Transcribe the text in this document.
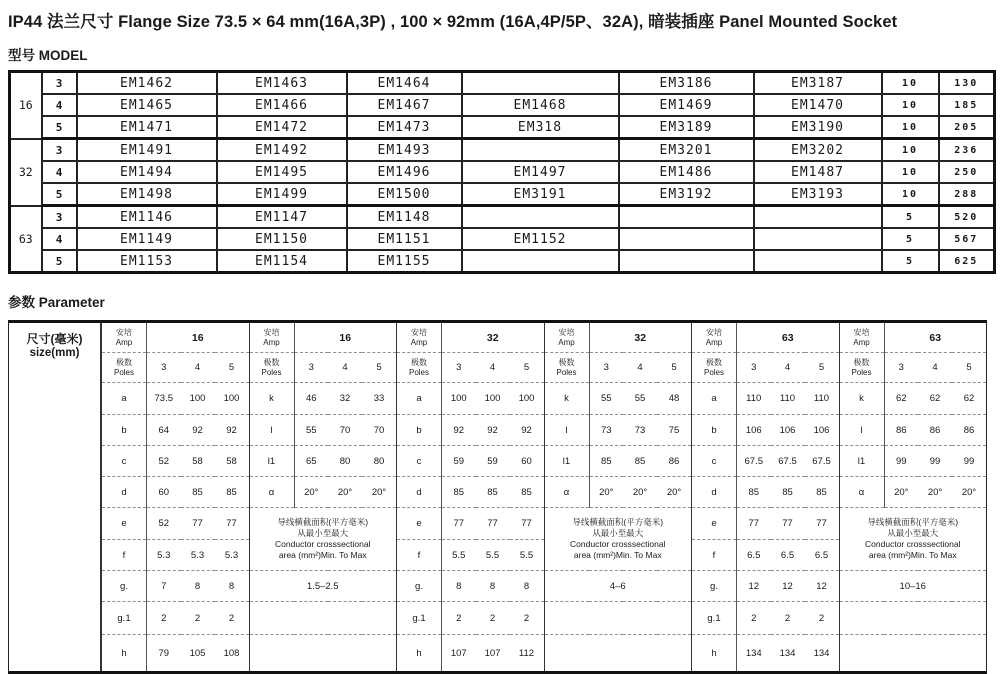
IP44 法兰尺寸 Flange Size 73.5 × 64 mm(16A,3P) , 100 × 92mm (16A,4P/5P、32A), 暗装插座 Panel Mounted Socket
型号 MODEL
16	3	EM1462	EM1463	EM1464		EM3186	EM3187	10	130
	4	EM1465	EM1466	EM1467	EM1468	EM1469	EM1470	10	185
	5	EM1471	EM1472	EM1473	EM318	EM3189	EM3190	10	205
32	3	EM1491	EM1492	EM1493		EM3201	EM3202	10	236
	4	EM1494	EM1495	EM1496	EM1497	EM1486	EM1487	10	250
	5	EM1498	EM1499	EM1500	EM3191	EM3192	EM3193	10	288
63	3	EM1146	EM1147	EM1148				5	520
	4	EM1149	EM1150	EM1151	EM1152			5	567
	5	EM1153	EM1154	EM1155				5	625
参数 Parameter
尺寸(毫米)
size(mm)
安培
Amp	16		

极数
Poles	3	4	5
a	73.5	100	100
b	64	92	92
c	52	58	58
d	60	85	85
e	52	77	77
f	5.3	5.3	5.3
g.	7	8	8
g.1	2	2	2
h	79	105	108
安培
Amp	16		

极数
Poles	3	4	5
k	46	32	33
l	55	70	70
l1	65	80	80
α	20°	20°	20°

导线横截面积(平方毫米)
从最小至最大
Conductor crosssectional
area (mm²)Min. To Max			

1.5–2.5			

安培
Amp	32		

极数
Poles	3	4	5
a	100	100	100
b	92	92	92
c	59	59	60
d	85	85	85
e	77	77	77
f	5.5	5.5	5.5
g.	8	8	8
g.1	2	2	2
h	107	107	112
安培
Amp	32		

极数
Poles	3	4	5
k	55	55	48
l	73	73	75
l1	85	85	86
α	20°	20°	20°

导线横截面积(平方毫米)
从最小至最大
Conductor crosssectional
area (mm²)Min. To Max			

4–6			

安培
Amp	63		

极数
Poles	3	4	5
a	110	110	110
b	106	106	106
c	67.5	67.5	67.5
d	85	85	85
e	77	77	77
f	6.5	6.5	6.5
g.	12	12	12
g.1	2	2	2
h	134	134	134
安培
Amp	63		

极数
Poles	3	4	5
k	62	62	62
l	86	86	86
l1	99	99	99
α	20°	20°	20°

导线横截面积(平方毫米)
从最小至最大
Conductor crosssectional
area (mm²)Min. To Max			

10–16			
